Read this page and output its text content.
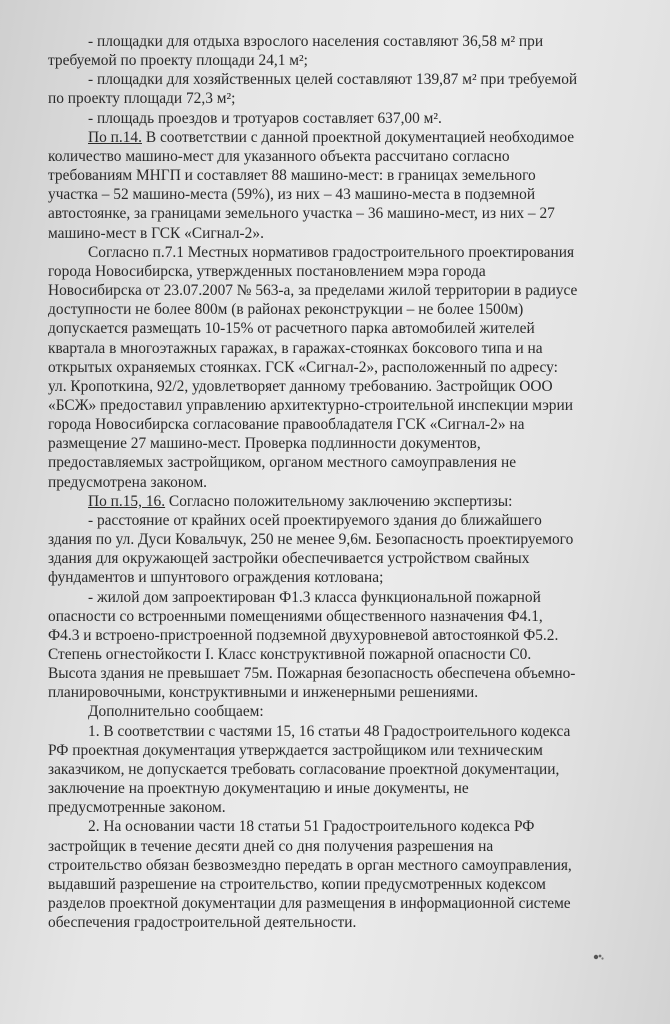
- площадки для отдыха взрослого населения составляют 36,58 м² при
требуемой по проекту площади 24,1 м²;

- площадки для хозяйственных целей составляют 139,87 м² при требуемой
по проекту площади 72,3 м²;

- площадь проездов и тротуаров составляет 637,00 м².

По п.14. В соответствии с данной проектной документацией необходимое
количество машино-мест для указанного объекта рассчитано согласно
требованиям МНГП и составляет 88 машино-мест: в границах земельного
участка – 52 машино-места (59%), из них – 43 машино-места в подземной
автостоянке, за границами земельного участка – 36 машино-мест, из них – 27
машино-мест в ГСК «Сигнал-2».

Согласно п.7.1 Местных нормативов градостроительного проектирования
города Новосибирска, утвержденных постановлением мэра города
Новосибирска от 23.07.2007 № 563-а, за пределами жилой территории в радиусе
доступности не более 800м (в районах реконструкции – не более 1500м)
допускается размещать 10-15% от расчетного парка автомобилей жителей
квартала в многоэтажных гаражах, в гаражах-стоянках боксового типа и на
открытых охраняемых стоянках. ГСК «Сигнал-2», расположенный по адресу:
ул. Кропоткина, 92/2, удовлетворяет данному требованию. Застройщик ООО
«БСЖ» предоставил управлению архитектурно-строительной инспекции мэрии
города Новосибирска согласование правообладателя ГСК «Сигнал-2» на
размещение 27 машино-мест. Проверка подлинности документов,
предоставляемых застройщиком, органом местного самоуправления не
предусмотрена законом.

По п.15, 16. Согласно положительному заключению экспертизы:

- расстояние от крайних осей проектируемого здания до ближайшего
здания по ул. Дуси Ковальчук, 250 не менее 9,6м. Безопасность проектируемого
здания для окружающей застройки обеспечивается устройством свайных
фундаментов и шпунтового ограждения котлована;

- жилой дом запроектирован Ф1.3 класса функциональной пожарной
опасности со встроенными помещениями общественного назначения Ф4.1,
Ф4.3 и встроено-пристроенной подземной двухуровневой автостоянкой Ф5.2.
Степень огнестойкости I. Класс конструктивной пожарной опасности С0.
Высота здания не превышает 75м. Пожарная безопасность обеспечена объемно-
планировочными, конструктивными и инженерными решениями.

Дополнительно сообщаем:

1. В соответствии с частями 15, 16 статьи 48 Градостроительного кодекса
РФ проектная документация утверждается застройщиком или техническим
заказчиком, не допускается требовать согласование проектной документации,
заключение на проектную документацию и иные документы, не
предусмотренные законом.

2. На основании части 18 статьи 51 Градостроительного кодекса РФ
застройщик в течение десяти дней со дня получения разрешения на
строительство обязан безвозмездно передать в орган местного самоуправления,
выдавший разрешение на строительство, копии предусмотренных кодексом
разделов проектной документации для размещения в информационной системе
обеспечения градостроительной деятельности.
